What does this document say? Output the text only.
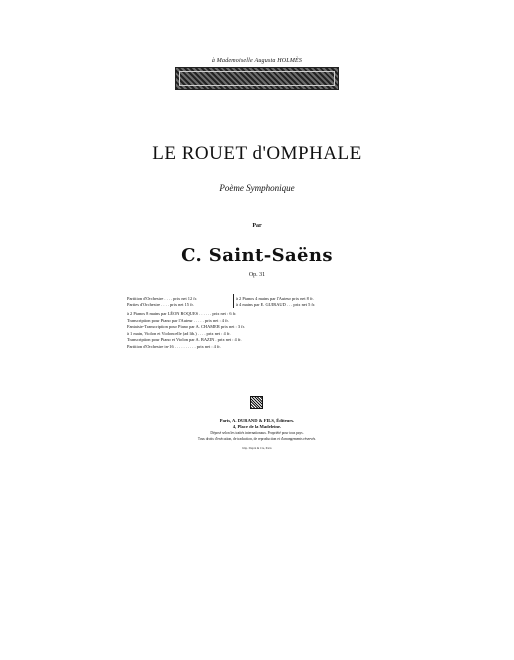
à Mademoiselle Augusta HOLMÈS
LE ROUET d'OMPHALE
Poème Symphonique
Par
C. Saint-Saëns
Op. 31
Partition d'Orchestre . . . . prix net 12 fr.
Parties d'Orchestre . . . . prix net 15 fr.
à 2 Pianos 4 mains par l'Auteur prix net 8 fr.
à 4 mains par E. GUIRAUD . . . prix net 5 fr.
à 2 Pianos 8 mains par LÉON ROQUES . . . . . . prix net : 6 fr.
Transcription pour Piano par l'Auteur . . . . . prix net : 4 fr.
Fantaisie-Transcription pour Piano par A. CHAMER prix net : 3 fr.
à 1 main, Violon et Violoncelle (ad lib.) . . . . prix net : 4 fr.
Transcription pour Piano et Violon par A. BAZIN . prix net : 4 fr.
Partition d'Orchestre in-16 . . . . . . . . . . prix net : 4 fr.
Paris, A. DURAND & FILS, Éditeurs.
4, Place de la Madeleine.
Déposé selon les traités internationaux. Propriété pour tous pays.
Tous droits d'exécution, de traduction, de reproduction et d'arrangements réservés.
Imp. Dupré & Cie, Paris
